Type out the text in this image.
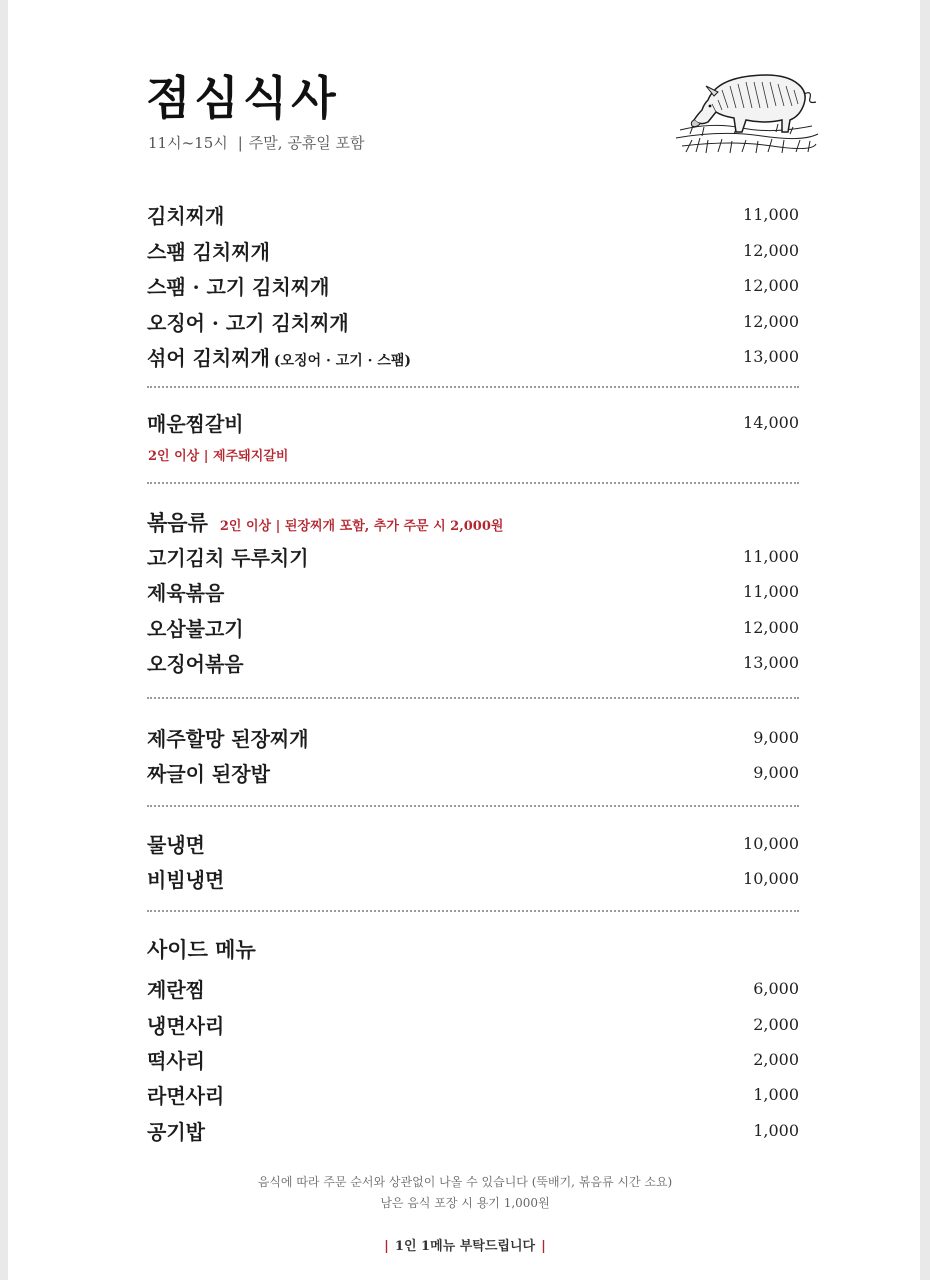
점심식사
11시~15시 | 주말, 공휴일 포함
김치찌개	11,000
스팸 김치찌개	12,000
스팸 · 고기 김치찌개	12,000
오징어 · 고기 김치찌개	12,000
섞어 김치찌개 (오징어 · 고기 · 스팸)	13,000
매운찜갈비	14,000
2인 이상 | 제주돼지갈비
볶음류 2인 이상 | 된장찌개 포함, 추가 주문 시 2,000원
고기김치 두루치기	11,000
제육볶음	11,000
오삼불고기	12,000
오징어볶음	13,000
제주할망 된장찌개	9,000
짜글이 된장밥	9,000
물냉면	10,000
비빔냉면	10,000
사이드 메뉴
계란찜	6,000
냉면사리	2,000
떡사리	2,000
라면사리	1,000
공기밥	1,000
음식에 따라 주문 순서와 상관없이 나올 수 있습니다 (뚝배기, 볶음류 시간 소요)
남은 음식 포장 시 용기 1,000원
| 1인 1메뉴 부탁드립니다 |
